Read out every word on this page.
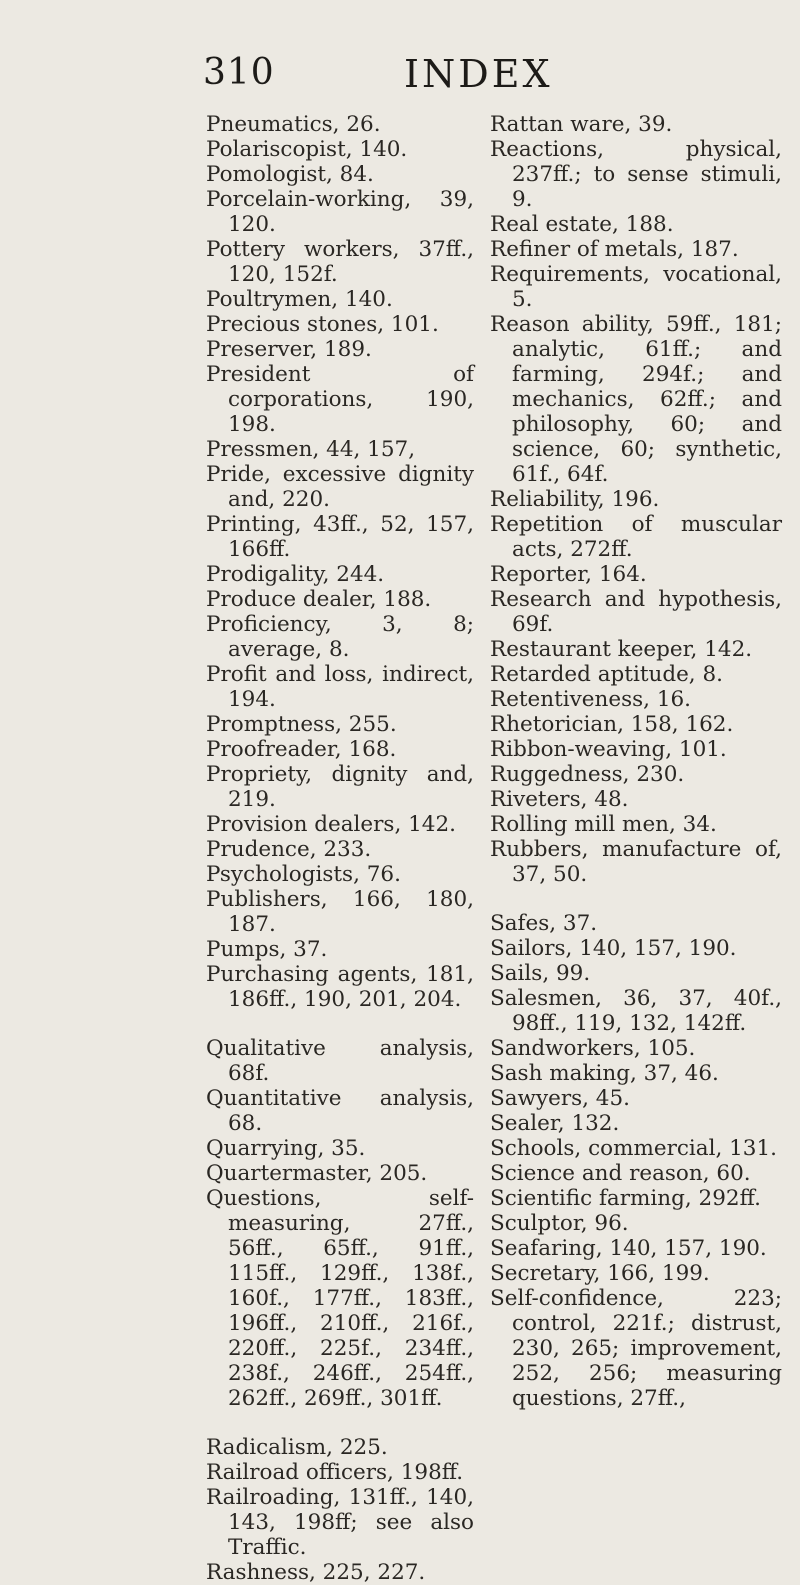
310	INDEX

Pneumatics, 26.

Polariscopist, 140.

Pomologist, 84.

Porcelain-working, 39, 120.

Pottery workers, 37ff., 120, 152f.

Poultrymen, 140.

Precious stones, 101.

Preserver, 189.

President of corporations, 190, 198.

Pressmen, 44, 157,

Pride, excessive dignity and, 220.

Printing, 43ff., 52, 157, 166ff.

Prodigality, 244.

Produce dealer, 188.

Proficiency, 3, 8; average, 8.

Profit and loss, indirect, 194.

Promptness, 255.

Proofreader, 168.

Propriety, dignity and, 219.

Provision dealers, 142.

Prudence, 233.

Psychologists, 76.

Publishers, 166, 180, 187.

Pumps, 37.

Purchasing agents, 181, 186ff., 190, 201, 204.

Qualitative analysis, 68f.

Quantitative analysis, 68.

Quarrying, 35.

Quartermaster, 205.

Questions, self-measuring, 27ff., 56ff., 65ff., 91ff., 115ff., 129ff., 138f., 160f., 177ff., 183ff., 196ff., 210ff., 216f., 220ff., 225f., 234ff., 238f., 246ff., 254ff., 262ff., 269ff., 301ff.

Radicalism, 225.

Railroad officers, 198ff.

Railroading, 131ff., 140, 143, 198ff; see also Traffic.

Rashness, 225, 227.

Rattan ware, 39.

Reactions, physical, 237ff.; to sense stimuli, 9.

Real estate, 188.

Refiner of metals, 187.

Requirements, vocational, 5.

Reason ability, 59ff., 181; analytic, 61ff.; and farming, 294f.; and mechanics, 62ff.; and philosophy, 60; and science, 60; synthetic, 61f., 64f.

Reliability, 196.

Repetition of muscular acts, 272ff.

Reporter, 164.

Research and hypothesis, 69f.

Restaurant keeper, 142.

Retarded aptitude, 8.

Retentiveness, 16.

Rhetorician, 158, 162.

Ribbon-weaving, 101.

Ruggedness, 230.

Riveters, 48.

Rolling mill men, 34.

Rubbers, manufacture of, 37, 50.

Safes, 37.

Sailors, 140, 157, 190.

Sails, 99.

Salesmen, 36, 37, 40f., 98ff., 119, 132, 142ff.

Sandworkers, 105.

Sash making, 37, 46.

Sawyers, 45.

Sealer, 132.

Schools, commercial, 131.

Science and reason, 60.

Scientific farming, 292ff.

Sculptor, 96.

Seafaring, 140, 157, 190.

Secretary, 166, 199.

Self-confidence, 223; control, 221f.; distrust, 230, 265; improvement, 252, 256; measuring questions, 27ff.,
